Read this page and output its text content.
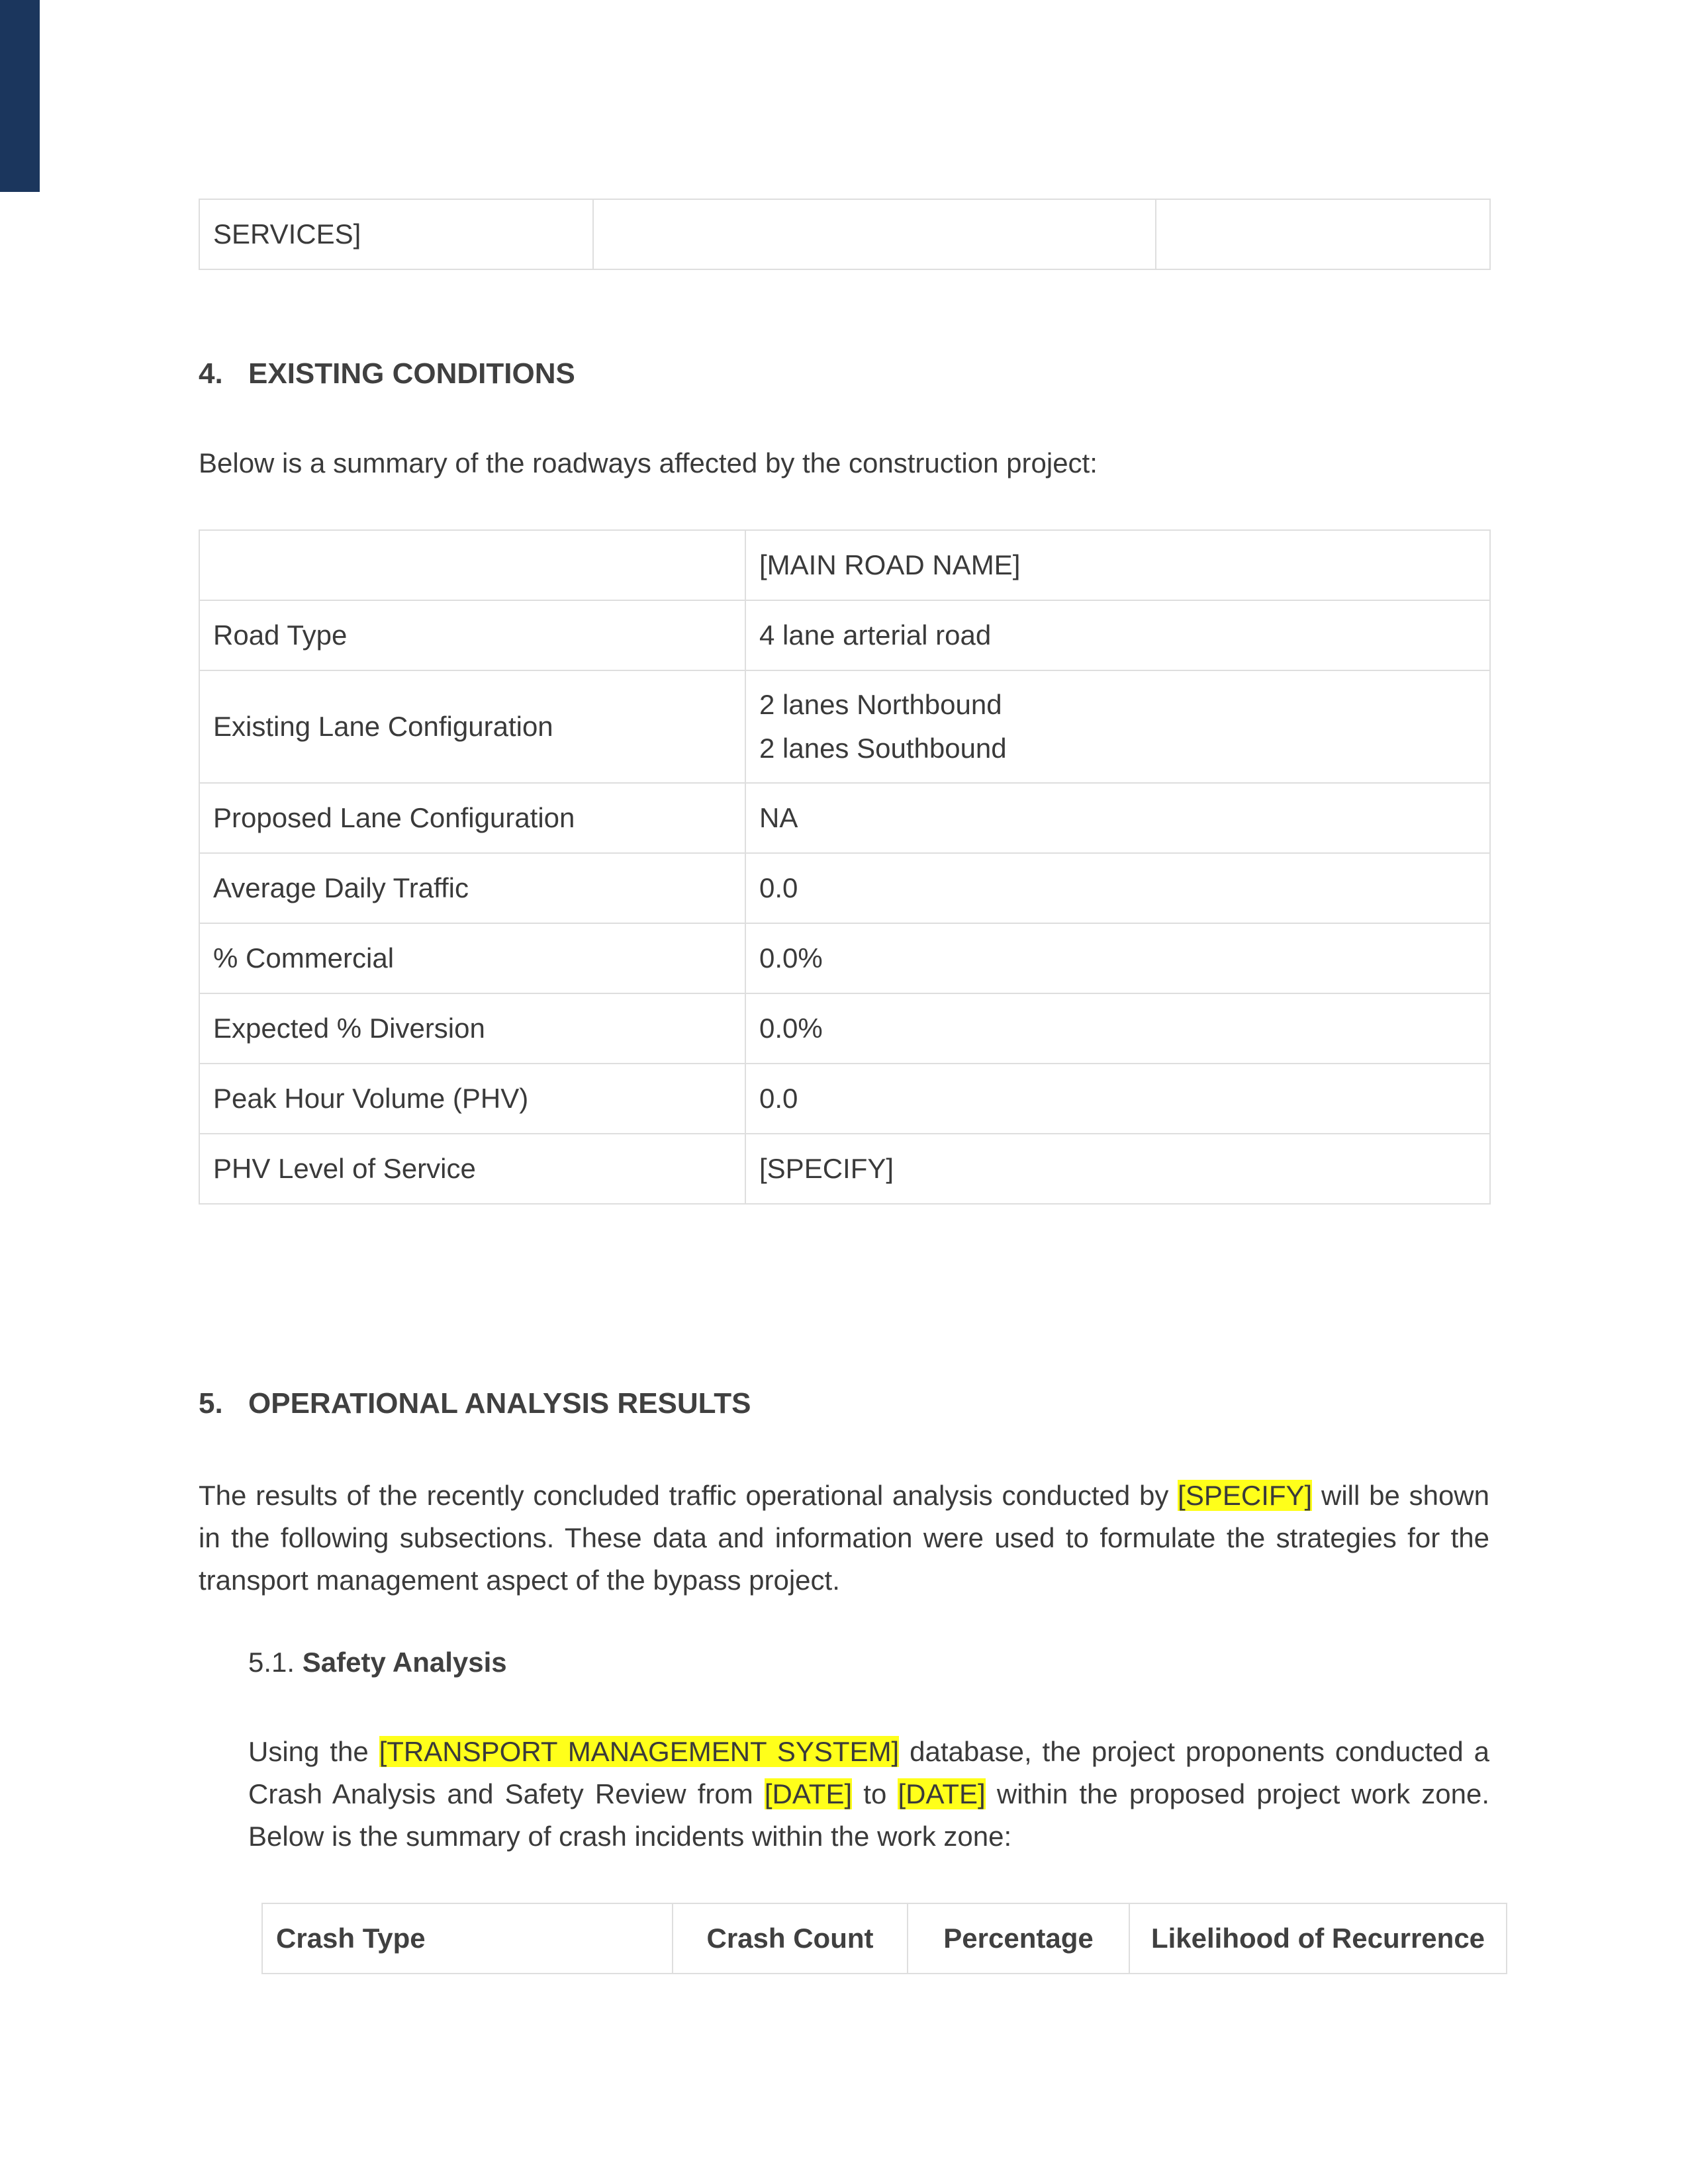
SERVICES]		
4. EXISTING CONDITIONS
Below is a summary of the roadways affected by the construction project:
	[MAIN ROAD NAME]
Road Type	4 lane arterial road
Existing Lane Configuration	2 lanes Northbound
2 lanes Southbound

Proposed Lane Configuration	NA
Average Daily Traffic	0.0
% Commercial	0.0%
Expected % Diversion	0.0%
Peak Hour Volume (PHV)	0.0
PHV Level of Service	[SPECIFY]
5. OPERATIONAL ANALYSIS RESULTS
The results of the recently concluded traffic operational analysis conducted by [SPECIFY] will be shown in the following subsections. These data and information were used to formulate the strategies for the transport management aspect of the bypass project.
5.1. Safety Analysis
Using the [TRANSPORT MANAGEMENT SYSTEM] database, the project proponents conducted a Crash Analysis and Safety Review from [DATE] to [DATE] within the proposed project work zone. Below is the summary of crash incidents within the work zone:
Crash Type	Crash Count	Percentage	Likelihood of Recurrence
